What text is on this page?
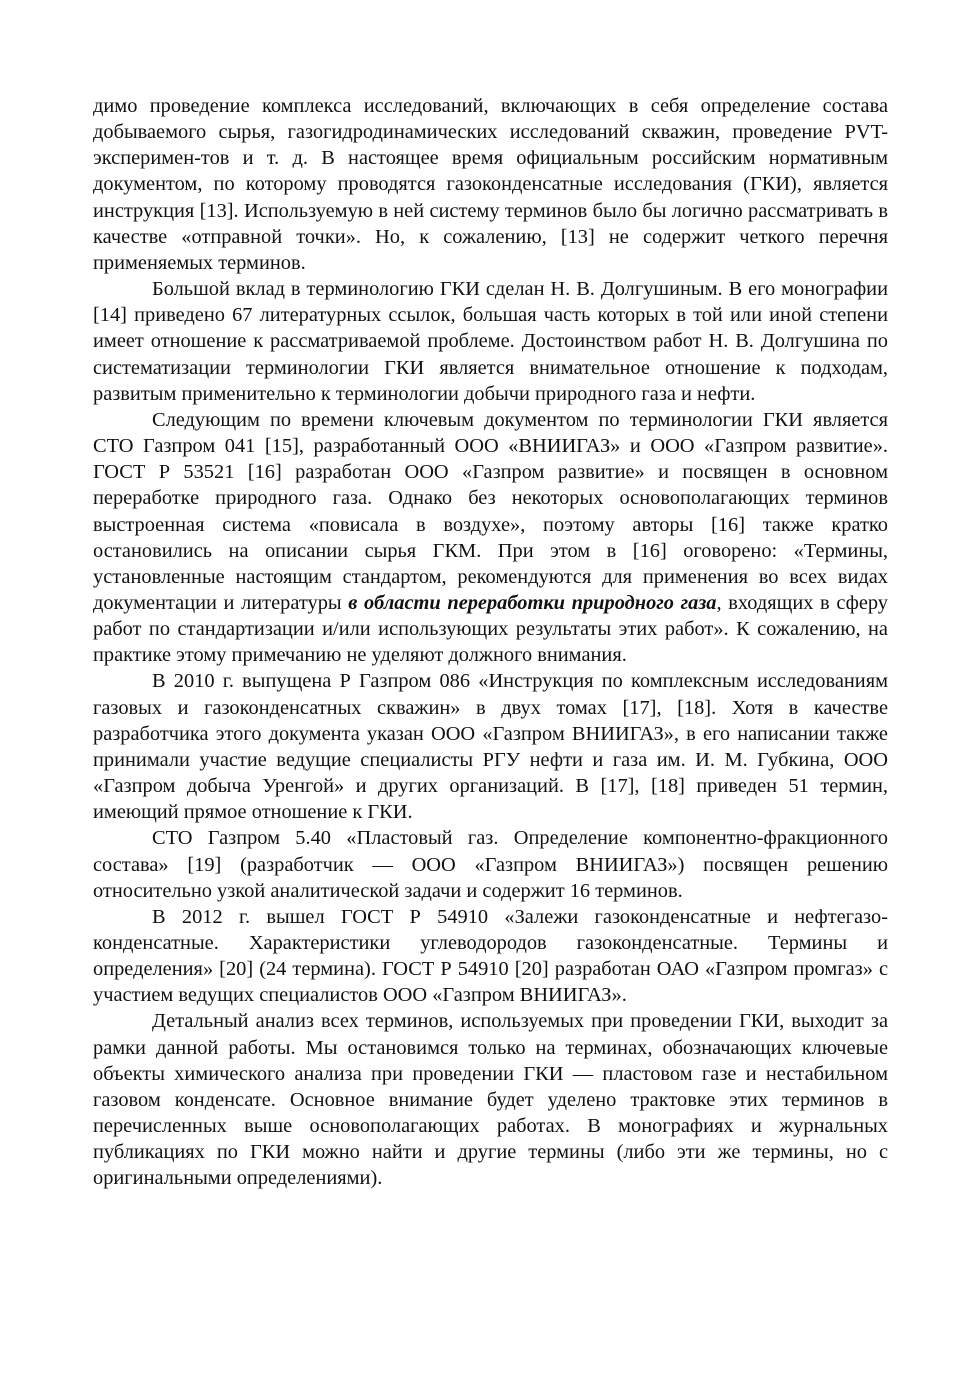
димо проведение комплекса исследований, включающих в себя определение состава добываемого сырья, газогидродинамических исследований скважин, проведение PVT-эксперимен-тов и т. д. В настоящее время официальным российским нормативным документом, по которому проводятся газоконденсатные исследования (ГКИ), является инструкция [13]. Используемую в ней систему терминов было бы логично рассматривать в качестве «отправной точки». Но, к сожалению, [13] не содержит четкого перечня применяемых терминов.

Большой вклад в терминологию ГКИ сделан Н. В. Долгушиным. В его монографии [14] приведено 67 литературных ссылок, большая часть которых в той или иной степени имеет отношение к рассматриваемой проблеме. Достоинством работ Н. В. Долгушина по систематизации терминологии ГКИ является внимательное отношение к подходам, развитым применительно к терминологии добычи природного газа и нефти.

Следующим по времени ключевым документом по терминологии ГКИ является СТО Газпром 041 [15], разработанный ООО «ВНИИГАЗ» и ООО «Газпром развитие». ГОСТ Р 53521 [16] разработан ООО «Газпром развитие» и посвящен в основном переработке природного газа. Однако без некоторых основополагающих терминов выстроенная система «повисала в воздухе», поэтому авторы [16] также кратко остановились на описании сырья ГКМ. При этом в [16] оговорено: «Термины, установленные настоящим стандартом, рекомендуются для применения во всех видах документации и литературы в области переработки природного газа, входящих в сферу работ по стандартизации и/или использующих результаты этих работ». К сожалению, на практике этому примечанию не уделяют должного внимания.

В 2010 г. выпущена Р Газпром 086 «Инструкция по комплексным исследованиям газовых и газоконденсатных скважин» в двух томах [17], [18]. Хотя в качестве разработчика этого документа указан ООО «Газпром ВНИИГАЗ», в его написании также принимали участие ведущие специалисты РГУ нефти и газа им. И. М. Губкина, ООО «Газпром добыча Уренгой» и других организаций. В [17], [18] приведен 51 термин, имеющий прямое отношение к ГКИ.

СТО Газпром 5.40 «Пластовый газ. Определение компонентно-фракционного состава» [19] (разработчик — ООО «Газпром ВНИИГАЗ») посвящен решению относительно узкой аналитической задачи и содержит 16 терминов.

В 2012 г. вышел ГОСТ Р 54910 «Залежи газоконденсатные и нефтегазоконденсатные. Характеристики углеводородов газоконденсатные. Термины и определения» [20] (24 термина). ГОСТ Р 54910 [20] разработан ОАО «Газпром промгаз» с участием ведущих специалистов ООО «Газпром ВНИИГАЗ».

Детальный анализ всех терминов, используемых при проведении ГКИ, выходит за рамки данной работы. Мы остановимся только на терминах, обозначающих ключевые объекты химического анализа при проведении ГКИ — пластовом газе и нестабильном газовом конденсате. Основное внимание будет уделено трактовке этих терминов в перечисленных выше основополагающих работах. В монографиях и журнальных публикациях по ГКИ можно найти и другие термины (либо эти же термины, но с оригинальными определениями).
